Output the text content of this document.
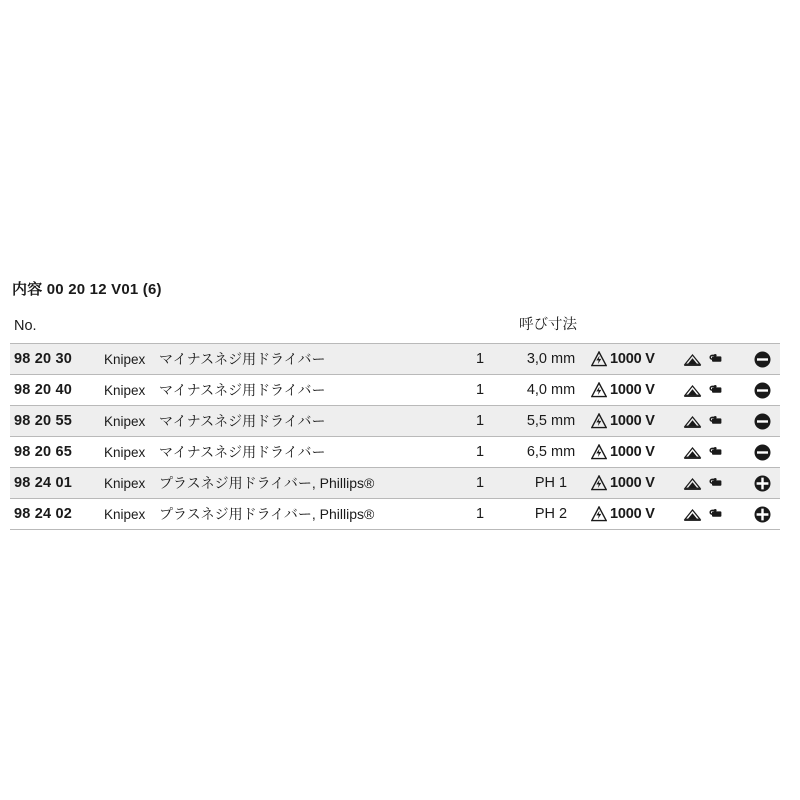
内容 00 20 12 V01 (6)
No.				呼び寸法			
98 20 30	Knipex	マイナスネジ用ドライバー	1	3,0 mm	1000 V

98 20 40	Knipex	マイナスネジ用ドライバー	1	4,0 mm	1000 V

98 20 55	Knipex	マイナスネジ用ドライバー	1	5,5 mm	1000 V

98 20 65	Knipex	マイナスネジ用ドライバー	1	6,5 mm	1000 V

98 24 01	Knipex	プラスネジ用ドライバー, Phillips®	1	PH 1	1000 V

98 24 02	Knipex	プラスネジ用ドライバー, Phillips®	1	PH 2	1000 V
